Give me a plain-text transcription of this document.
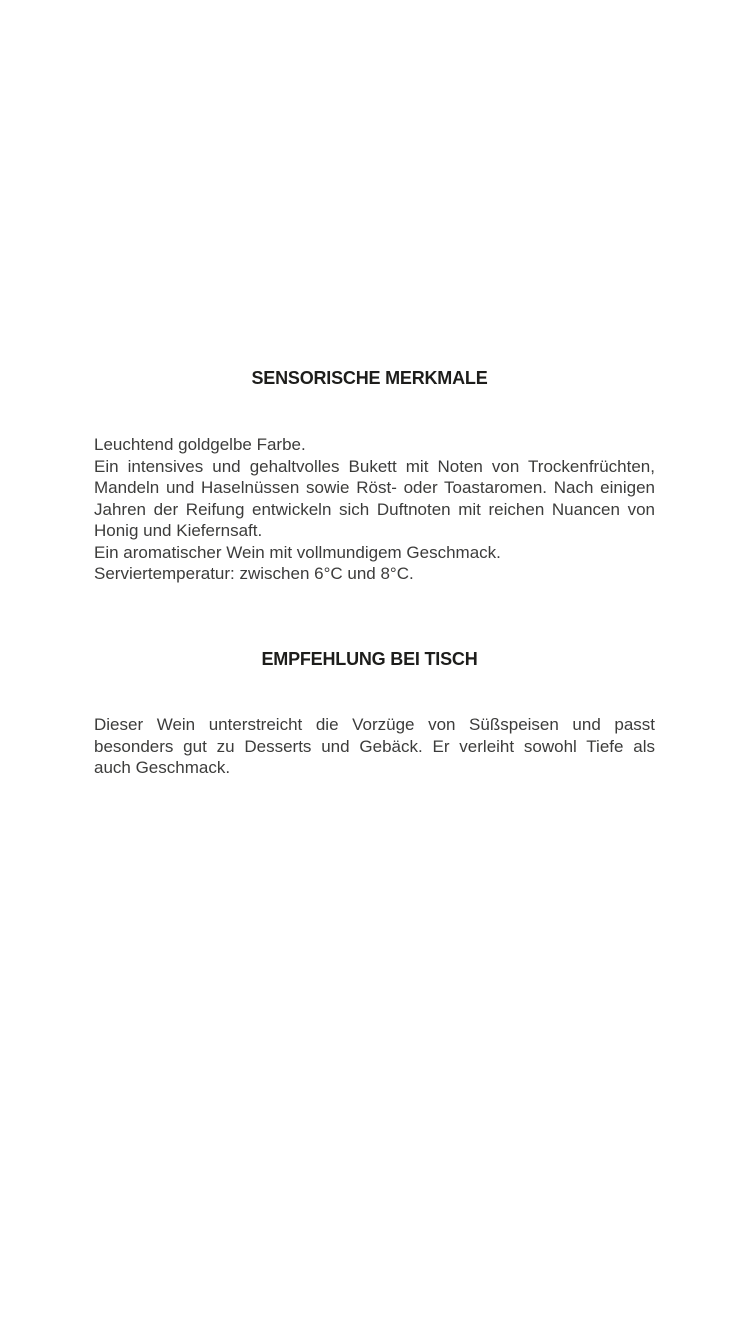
SENSORISCHE MERKMALE
Leuchtend goldgelbe Farbe.
Ein intensives und gehaltvolles Bukett mit Noten von Trockenfrüchten,
Mandeln und Haselnüssen sowie Röst- oder Toastaromen. Nach einigen
Jahren der Reifung entwickeln sich Duftnoten mit reichen Nuancen von
Honig und Kiefernsaft.
Ein aromatischer Wein mit vollmundigem Geschmack.
Serviertemperatur: zwischen 6°C und 8°C.
EMPFEHLUNG BEI TISCH
Dieser Wein unterstreicht die Vorzüge von Süßspeisen und passt
besonders gut zu Desserts und Gebäck. Er verleiht sowohl Tiefe als
auch Geschmack.
